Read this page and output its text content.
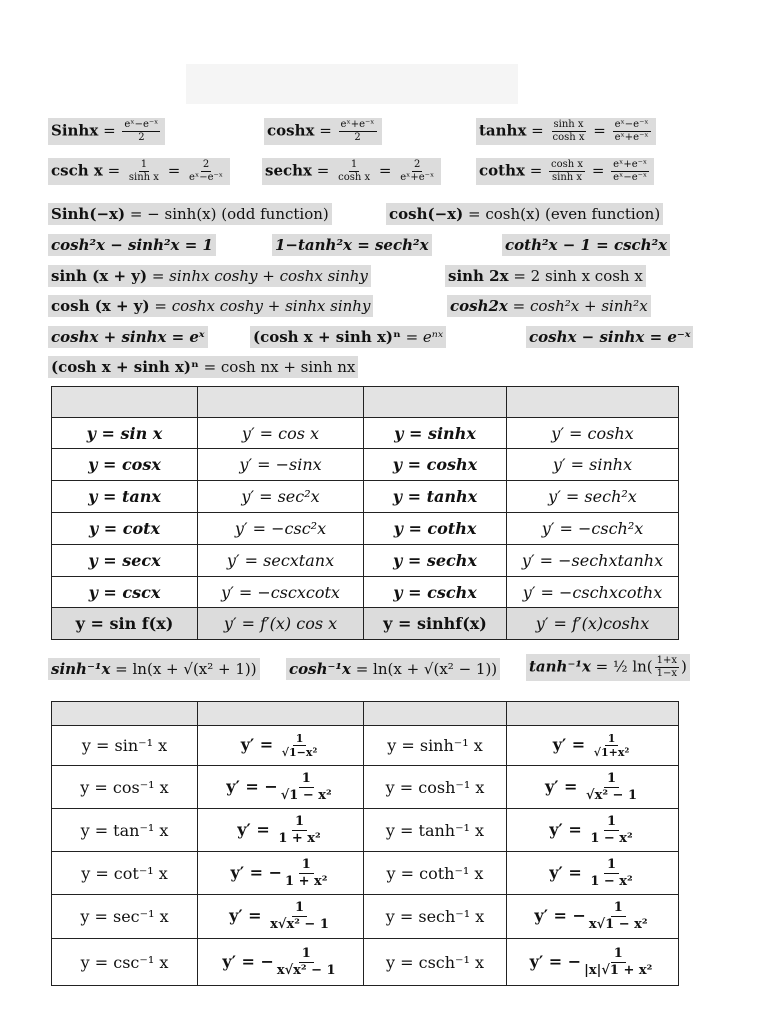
Sinhx = $\frac{\text{eˣ−e⁻ˣ}}{2}$	$\cosh x = \frac{\text{eˣ+e⁻ˣ}}{2}$	$\tanh x = \frac{\text{sinh x}}{\text{cosh x}} = \frac{\text{eˣ−e⁻ˣ}}{\text{eˣ+e⁻ˣ}}$
csch $x = \frac{1}{\text{sinh x}} = \frac{2}{\text{eˣ−e⁻ˣ}}$	sechx = $\frac{1}{\text{cosh x}} = \frac{2}{\text{eˣ+e⁻ˣ}}$	cothx = $\frac{\text{cosh x}}{\text{sinh x}} = \frac{\text{eˣ+e⁻ˣ}}{\text{eˣ−e⁻ˣ}}$
Sinh(−x) = − sinh(x) (odd function)	cosh(−x) = cosh(x) (even function)
cosh²x − sinh²x = 1	1−tanh²x = sech²x	coth²x − 1 = csch²x
sinh (x + y) = sinhx coshy + coshx sinhy	sinh 2x = 2 sinh x cosh x
cosh (x + y) = coshx coshy + sinhx sinhy	cosh2x = cosh²x + sinh²x
coshx + sinhx = eˣ	(cosh x + sinh x)ⁿ = eⁿˣ	coshx − sinhx = e⁻ˣ
(cosh x + sinh x)ⁿ = cosh nx + sinh nx

y = sin x	y′ = cos x	y = sinhx	y′ = coshx
y = cosx	y′ = −sinx	y = coshx	y′ = sinhx
y = tanx	y′ = sec²x	y = tanhx	y′ = sech²x
y = cotx	y′ = −csc²x	y = cothx	y′ = −csch²x
y = secx	y′ = secxtanx	y = sechx	y′ = −sechxtanhx
y = cscx	y′ = −cscxcotx	y = cschx	y′ = −cschxcothx
y = sin f(x)	y′ = f′(x) cos x	y = sinhf(x)	y′ = f′(x)coshx
sinh⁻¹x = ln(x + √(x² + 1)) cosh⁻¹x = ln(x + √(x² − 1)) tanh⁻¹x = ½ $\ln( \frac{1+x}{1-x}$ )

y = sin⁻¹ x	$y' = \frac{1}{\text{√1−x²}}$	y = sinh⁻¹ x	$y' = \frac{1}{\text{√1+x²}}$

y = cos⁻¹ x	y′ = − $\frac{1}{\text{√1 − x²}}$	y = cosh⁻¹ x	$y' = \frac{1}{\text{√x² − 1}}$

y = tan⁻¹ x	$y' = \frac{1}{\text{1 + x²}}$	y = tanh⁻¹ x	$y' = \frac{1}{\text{1 − x²}}$

y = cot⁻¹ x	y′ = − $\frac{1}{\text{1 + x²}}$	y = coth⁻¹ x	$y' = \frac{1}{\text{1 − x²}}$

y = sec⁻¹ x	$y' = \frac{1}{\text{x√x² − 1}}$	y = sech⁻¹ x	y′ = − $\frac{1}{\text{x√1 − x²}}$

y = csc⁻¹ x	y′ = − $\frac{1}{\text{x√x² − 1}}$	y = csch⁻¹ x	y′ = − $\frac{1}{\text{|x|√1 + x²}}$
